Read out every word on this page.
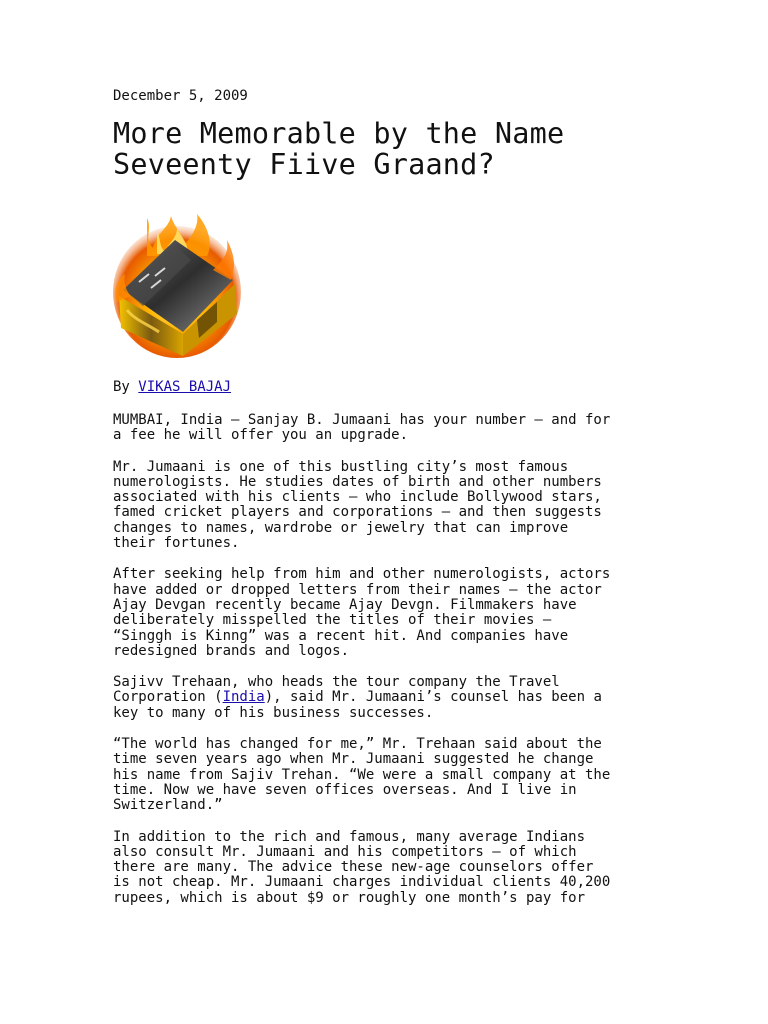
December 5, 2009
More Memorable by the Name
Seveenty Fiive Graand?
By VIKAS BAJAJ
MUMBAI, India — Sanjay B. Jumaani has your number — and for
a fee he will offer you an upgrade.
Mr. Jumaani is one of this bustling city’s most famous
numerologists. He studies dates of birth and other numbers
associated with his clients — who include Bollywood stars,
famed cricket players and corporations — and then suggests
changes to names, wardrobe or jewelry that can improve
their fortunes.
After seeking help from him and other numerologists, actors
have added or dropped letters from their names — the actor
Ajay Devgan recently became Ajay Devgn. Filmmakers have
deliberately misspelled the titles of their movies —
“Singgh is Kinng” was a recent hit. And companies have
redesigned brands and logos.
Sajivv Trehaan, who heads the tour company the Travel
Corporation (India), said Mr. Jumaani’s counsel has been a
key to many of his business successes.
“The world has changed for me,” Mr. Trehaan said about the
time seven years ago when Mr. Jumaani suggested he change
his name from Sajiv Trehan. “We were a small company at the
time. Now we have seven offices overseas. And I live in
Switzerland.”
In addition to the rich and famous, many average Indians
also consult Mr. Jumaani and his competitors — of which
there are many. The advice these new-age counselors offer
is not cheap. Mr. Jumaani charges individual clients 40,200
rupees, which is about $9 or roughly one month’s pay for
